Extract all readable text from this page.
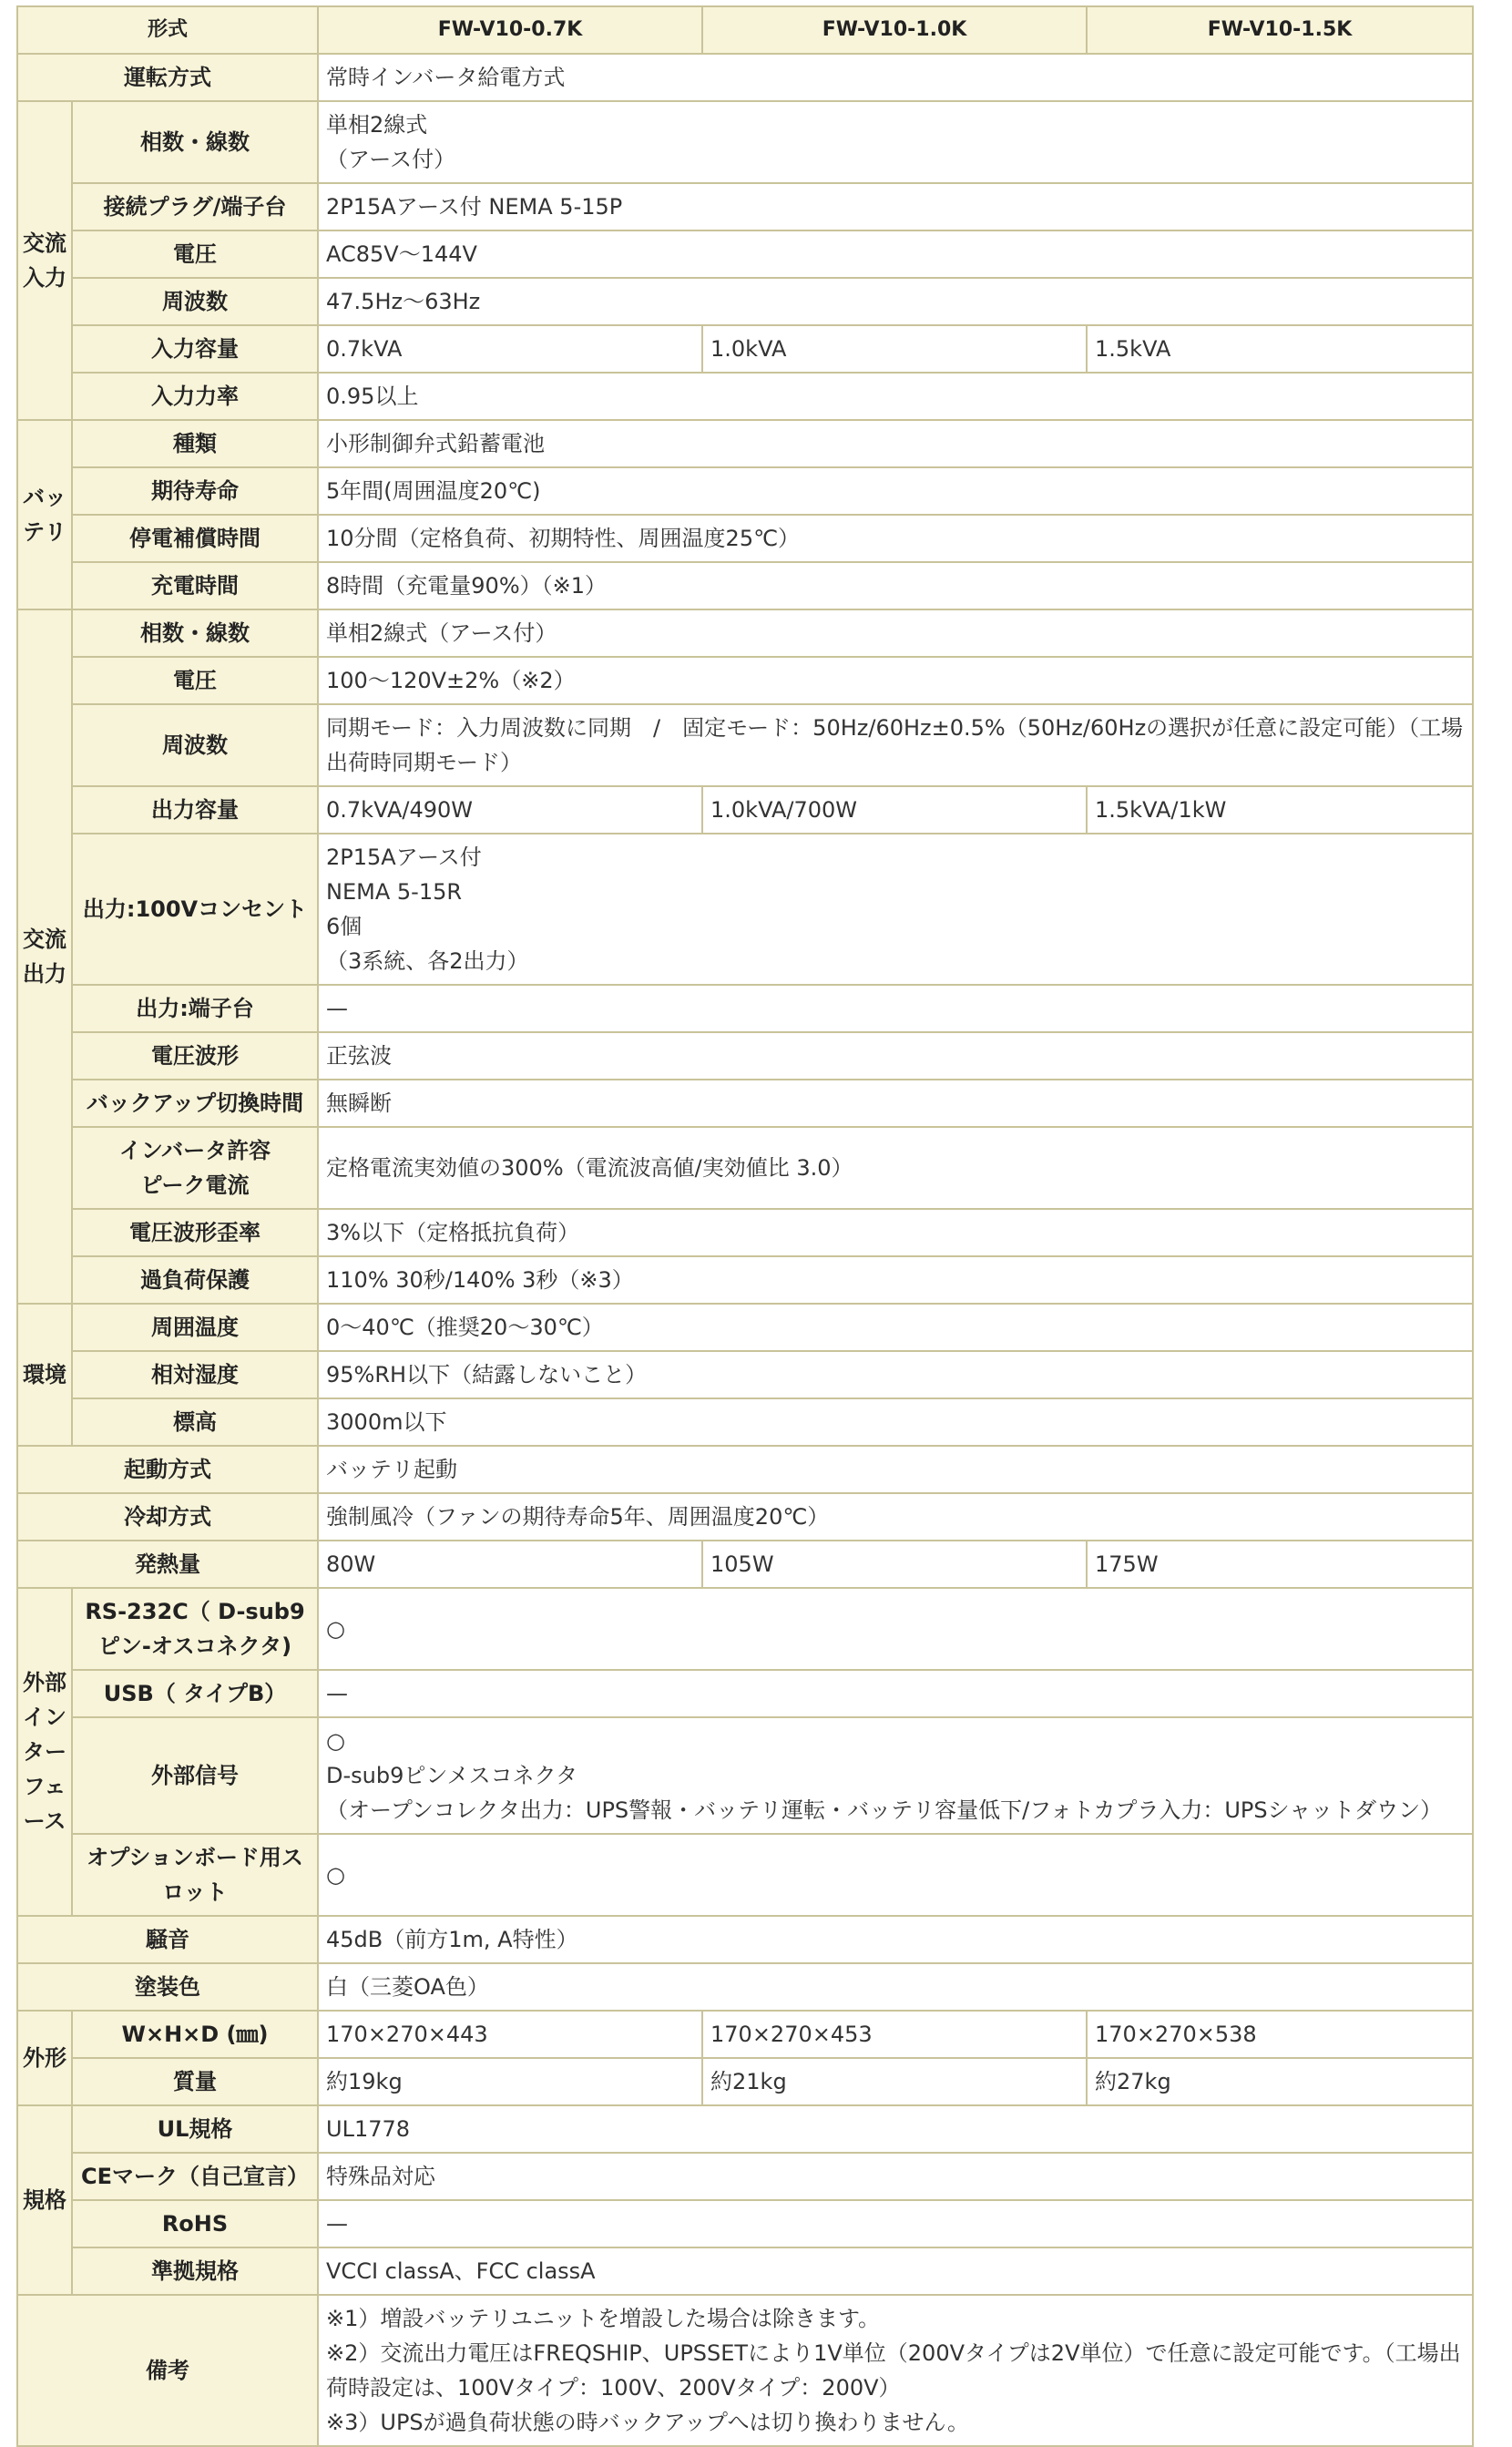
形式		FW-V10-0.7K	FW-V10-1.0K	FW-V10-1.5K
運転方式		常時インバータ給電方式		
交流
入力	相数・線数	単相2線式
（アース付）		
	接続プラグ/端子台	2P15Aアース付 NEMA 5-15P		
	電圧	AC85V～144V		
	周波数	47.5Hz～63Hz		
	入力容量	0.7kVA	1.0kVA	1.5kVA
	入力力率	0.95以上		
バッ
テリ	種類	小形制御弁式鉛蓄電池		
	期待寿命	5年間(周囲温度20℃)		
	停電補償時間	10分間（定格負荷、初期特性、周囲温度25℃）		
	充電時間	8時間（充電量90%）（※1）		
交流
出力	相数・線数	単相2線式（アース付）		
	電圧	100～120V±2%（※2）		
	周波数	同期モード：入力周波数に同期　/　固定モード：50Hz/60Hz±0.5%（50Hz/60Hzの選択が任意に設定可能）（工場出荷時同期モード）		
	出力容量	0.7kVA/490W	1.0kVA/700W	1.5kVA/1kW
	出力:100Vコンセント	2P15Aアース付
NEMA 5-15R
6個
（3系統、各2出力）		
	出力:端子台	—		
	電圧波形	正弦波		
	バックアップ切換時間	無瞬断		
	インバータ許容
ピーク電流	定格電流実効値の300%（電流波高値/実効値比 3.0）		
	電圧波形歪率	3%以下（定格抵抗負荷）		
	過負荷保護	110% 30秒/140% 3秒（※3）		
環境	周囲温度	0～40℃（推奨20～30℃）		
	相対湿度	95%RH以下（結露しないこと）		
	標高	3000m以下		
起動方式		バッテリ起動		
冷却方式		強制風冷（ファンの期待寿命5年、周囲温度20℃）		
発熱量		80W	105W	175W
外部
イン
ター
フェ
ース	RS-232C（ D-sub9ピン-オスコネクタ)	○		
	USB（ タイプB）	—		
	外部信号	○
D-sub9ピンメスコネクタ
（オープンコレクタ出力：UPS警報・バッテリ運転・バッテリ容量低下/フォトカプラ入力：UPSシャットダウン）		
	オプションボード用スロット	○		
騒音		45dB（前方1m, A特性）		
塗装色		白（三菱OA色）		
外形	W×H×D (㎜)	170×270×443	170×270×453	170×270×538
	質量	約19kg	約21kg	約27kg
規格	UL規格	UL1778		
	CEマーク（自己宣言）	特殊品対応		
	RoHS	—		
	準拠規格	VCCI classA、FCC classA		
備考		※1）増設バッテリユニットを増設した場合は除きます。
※2）交流出力電圧はFREQSHIP、UPSSETにより1V単位（200Vタイプは2V単位）で任意に設定可能です。（工場出荷時設定は、100Vタイプ：100V、200Vタイプ：200V）
※3）UPSが過負荷状態の時バックアップへは切り換わりません。		
